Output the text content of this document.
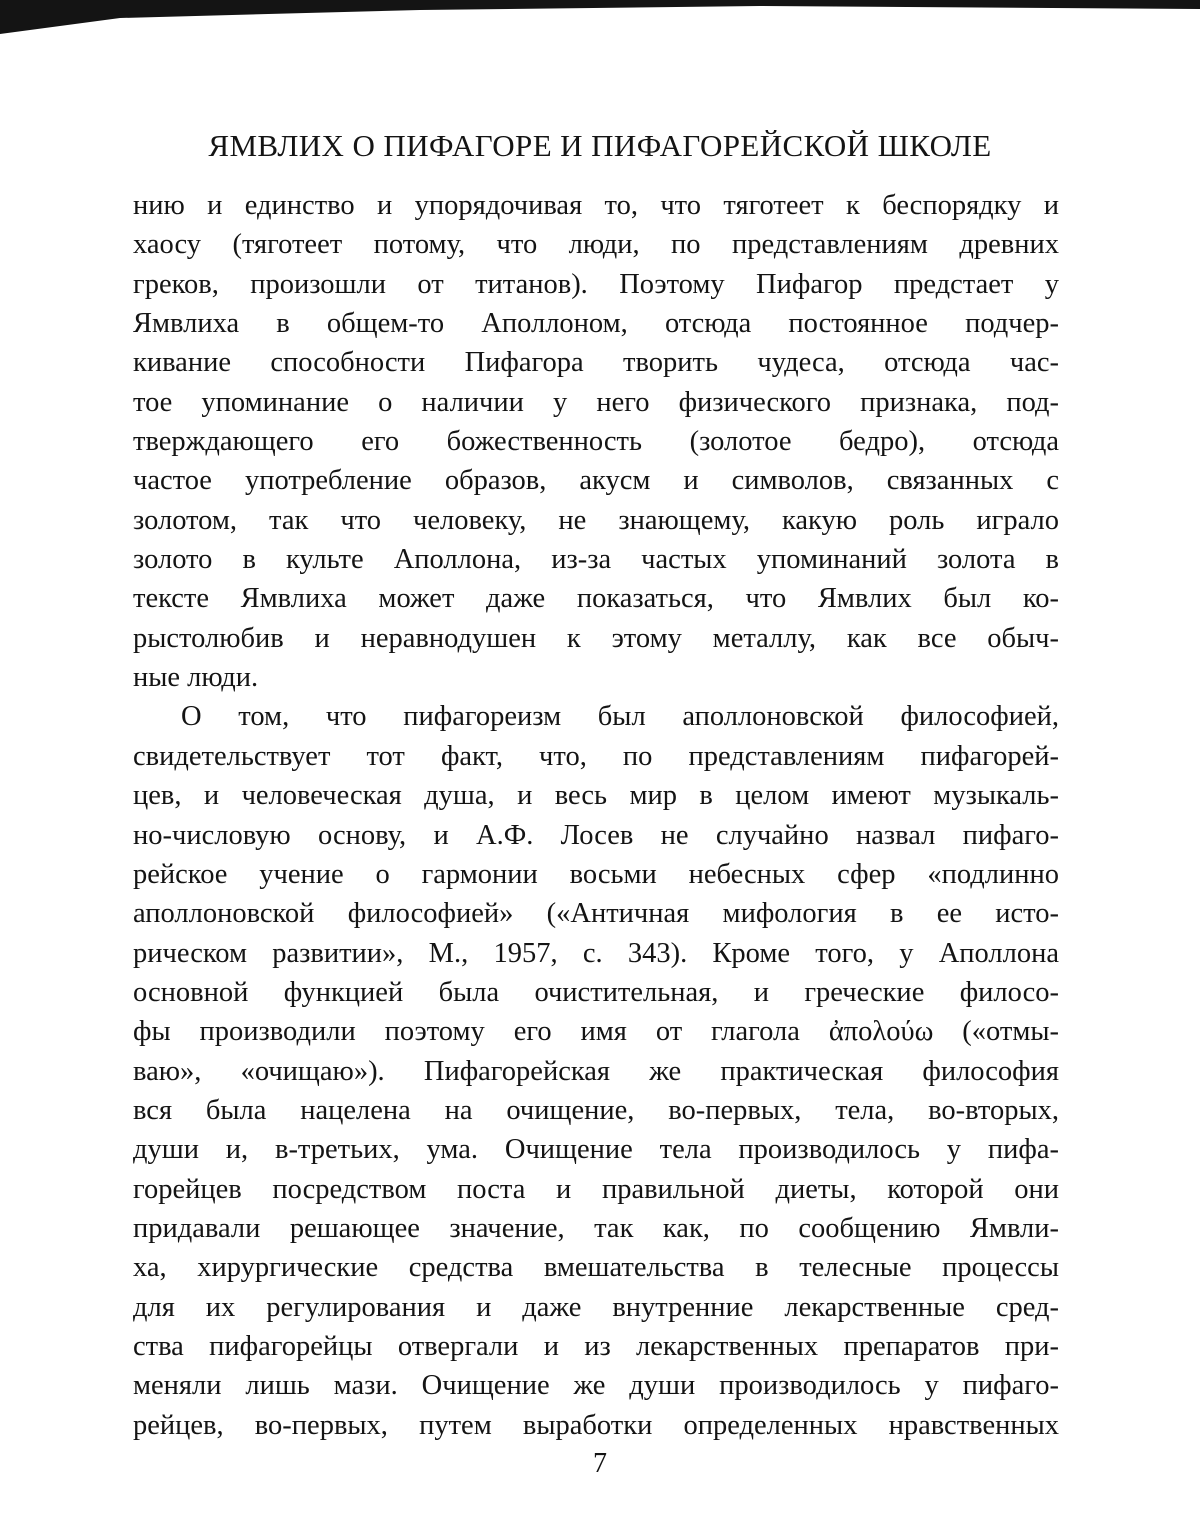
ЯМВЛИХ О ПИФАГОРЕ И ПИФАГОРЕЙСКОЙ ШКОЛЕ
нию и единство и упорядочивая то, что тяготеет к беспорядку и
хаосу (тяготеет потому, что люди, по представлениям древних
греков, произошли от титанов). Поэтому Пифагор предстает у
Ямвлиха в общем-то Аполлоном, отсюда постоянное подчер-
кивание способности Пифагора творить чудеса, отсюда час-
тое упоминание о наличии у него физического признака, под-
тверждающего его божественность (золотое бедро), отсюда
частое употребление образов, акусм и символов, связанных с
золотом, так что человеку, не знающему, какую роль играло
золото в культе Аполлона, из-за частых упоминаний золота в
тексте Ямвлиха может даже показаться, что Ямвлих был ко-
рыстолюбив и неравнодушен к этому металлу, как все обыч-
ные люди.
О том, что пифагореизм был аполлоновской философией,
свидетельствует тот факт, что, по представлениям пифагорей-
цев, и человеческая душа, и весь мир в целом имеют музыкаль-
но-числовую основу, и А.Ф. Лосев не случайно назвал пифаго-
рейское учение о гармонии восьми небесных сфер «подлинно
аполлоновской философией» («Античная мифология в ее исто-
рическом развитии», М., 1957, с. 343). Кроме того, у Аполлона
основной функцией была очистительная, и греческие филосо-
фы производили поэтому его имя от глагола ἀπολούω («отмы-
ваю», «очищаю»). Пифагорейская же практическая философия
вся была нацелена на очищение, во-первых, тела, во-вторых,
души и, в-третьих, ума. Очищение тела производилось у пифа-
горейцев посредством поста и правильной диеты, которой они
придавали решающее значение, так как, по сообщению Ямвли-
ха, хирургические средства вмешательства в телесные процессы
для их регулирования и даже внутренние лекарственные сред-
ства пифагорейцы отвергали и из лекарственных препаратов при-
меняли лишь мази. Очищение же души производилось у пифаго-
рейцев, во-первых, путем выработки определенных нравственных
7
